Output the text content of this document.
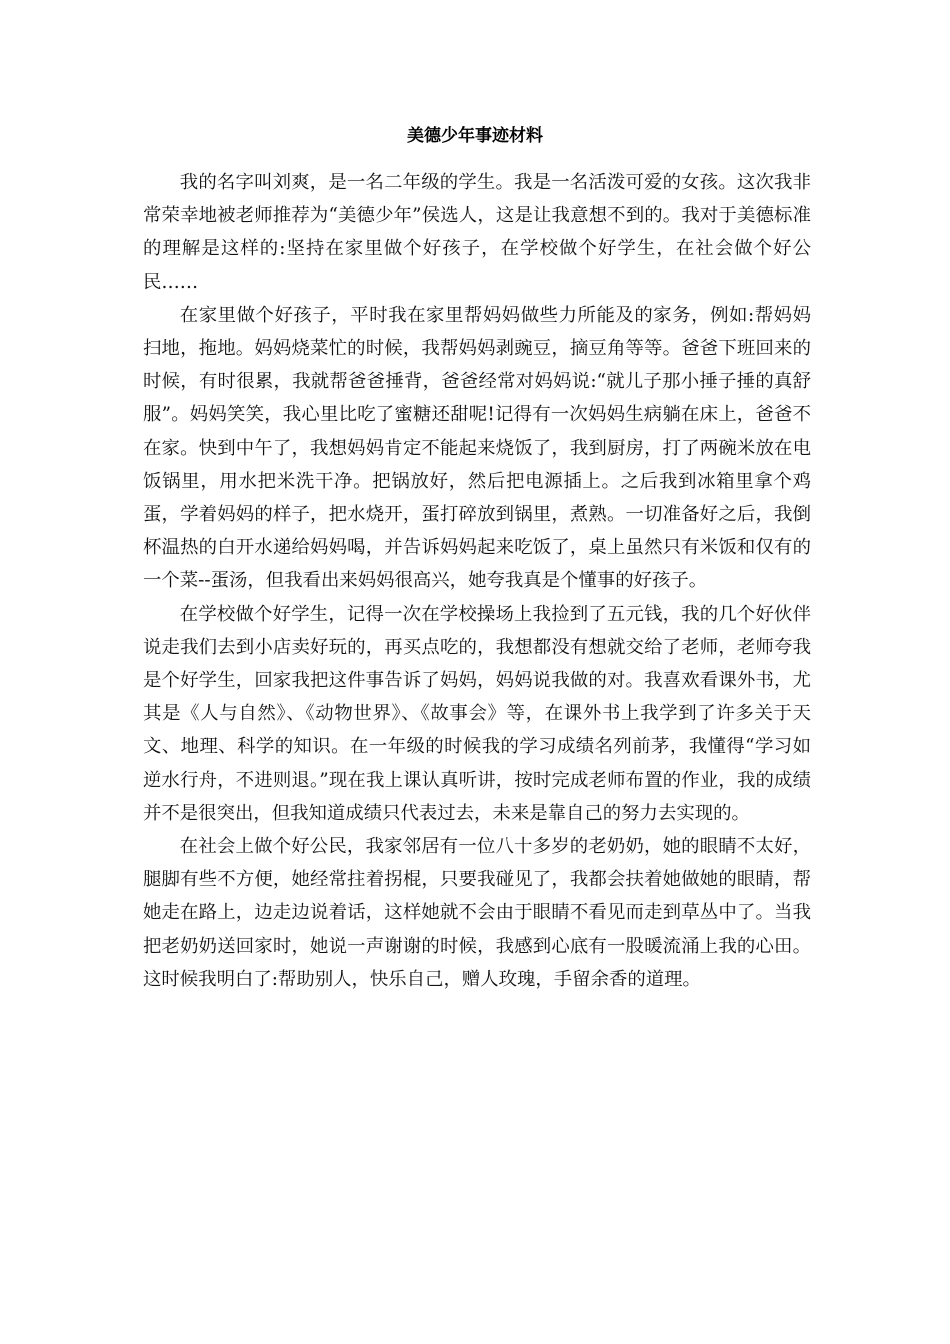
美德少年事迹材料

我的名字叫刘爽，是一名二年级的学生。我是一名活泼可爱的女孩。这次我非常荣幸地被老师推荐为“美德少年”侯选人，这是让我意想不到的。我对于美德标准的理解是这样的:坚持在家里做个好孩子，在学校做个好学生，在社会做个好公民……

在家里做个好孩子，平时我在家里帮妈妈做些力所能及的家务，例如:帮妈妈扫地，拖地。妈妈烧菜忙的时候，我帮妈妈剥豌豆，摘豆角等等。爸爸下班回来的时候，有时很累，我就帮爸爸捶背，爸爸经常对妈妈说:“就儿子那小捶子捶的真舒服”。妈妈笑笑，我心里比吃了蜜糖还甜呢!记得有一次妈妈生病躺在床上，爸爸不在家。快到中午了，我想妈妈肯定不能起来烧饭了，我到厨房，打了两碗米放在电饭锅里，用水把米洗干净。把锅放好，然后把电源插上。之后我到冰箱里拿个鸡蛋，学着妈妈的样子，把水烧开，蛋打碎放到锅里，煮熟。一切准备好之后，我倒杯温热的白开水递给妈妈喝，并告诉妈妈起来吃饭了，桌上虽然只有米饭和仅有的一个菜--蛋汤，但我看出来妈妈很高兴，她夸我真是个懂事的好孩子。

在学校做个好学生，记得一次在学校操场上我捡到了五元钱，我的几个好伙伴说走我们去到小店卖好玩的，再买点吃的，我想都没有想就交给了老师，老师夸我是个好学生，回家我把这件事告诉了妈妈，妈妈说我做的对。我喜欢看课外书，尤其是《人与自然》、《动物世界》、《故事会》等，在课外书上我学到了许多关于天文、地理、科学的知识。在一年级的时候我的学习成绩名列前茅，我懂得“学习如逆水行舟，不进则退。”现在我上课认真听讲，按时完成老师布置的作业，我的成绩并不是很突出，但我知道成绩只代表过去，未来是靠自己的努力去实现的。

在社会上做个好公民，我家邻居有一位八十多岁的老奶奶，她的眼睛不太好，腿脚有些不方便，她经常拄着拐棍，只要我碰见了，我都会扶着她做她的眼睛，帮她走在路上，边走边说着话，这样她就不会由于眼睛不看见而走到草丛中了。当我把老奶奶送回家时，她说一声谢谢的时候，我感到心底有一股暖流涌上我的心田。这时候我明白了:帮助别人，快乐自己，赠人玫瑰，手留余香的道理。
